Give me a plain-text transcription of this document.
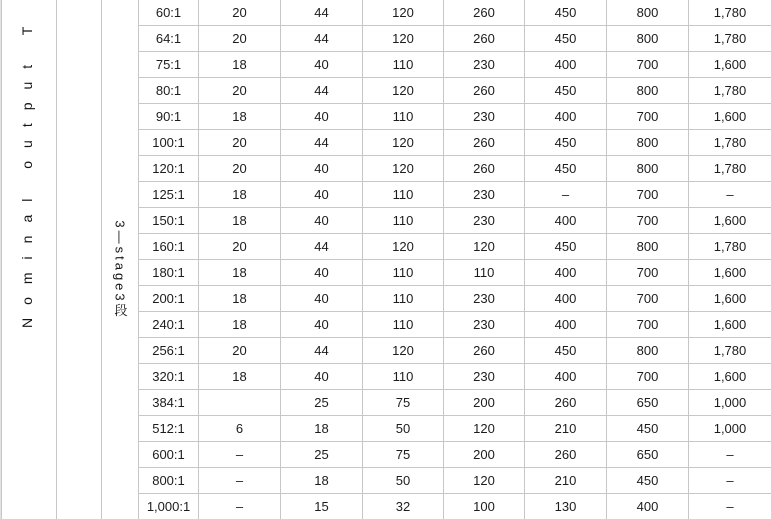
Nominal output T		3—stage3段	60:1	20	44	120	260	450	800	1,780
			64:1	20	44	120	260	450	800	1,780
			75:1	18	40	110	230	400	700	1,600
			80:1	20	44	120	260	450	800	1,780
			90:1	18	40	110	230	400	700	1,600
			100:1	20	44	120	260	450	800	1,780
			120:1	20	40	120	260	450	800	1,780
			125:1	18	40	110	230	–	700	–
			150:1	18	40	110	230	400	700	1,600
			160:1	20	44	120	120	450	800	1,780
			180:1	18	40	110	110	400	700	1,600
			200:1	18	40	110	230	400	700	1,600
			240:1	18	40	110	230	400	700	1,600
			256:1	20	44	120	260	450	800	1,780
			320:1	18	40	110	230	400	700	1,600
			384:1		25	75	200	260	650	1,000
			512:1	6	18	50	120	210	450	1,000
			600:1	–	25	75	200	260	650	–
			800:1	–	18	50	120	210	450	–
			1,000:1	–	15	32	100	130	400	–
